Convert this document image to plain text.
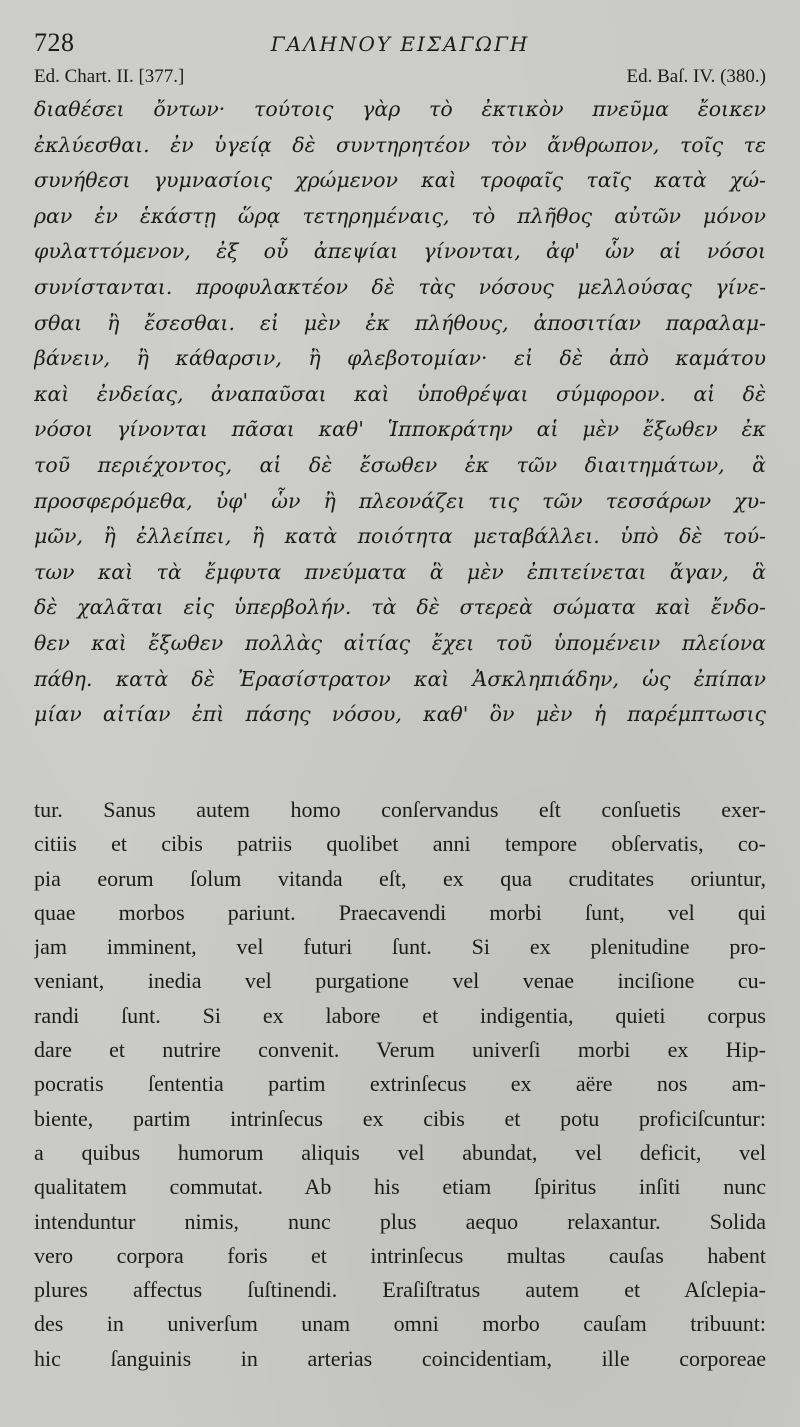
728	ΓΑΛΗΝΟΥ ΕΙΣΑΓΩΓΗ
Ed. Chart. II. [377.]	Ed. Baſ. IV. (380.)
διαθέσει ὄντων· τούτοις γὰρ τὸ ἐκτικὸν πνεῦμα ἔοικεν
ἐκλύεσθαι. ἐν ὑγείᾳ δὲ συντηρητέον τὸν ἄνθρωπον, τοῖς τε
συνήθεσι γυμνασίοις χρώμενον καὶ τροφαῖς ταῖς κατὰ χώ-
ραν ἐν ἑκάστῃ ὥρᾳ τετηρημέναις, τὸ πλῆθος αὐτῶν μόνον
φυλαττόμενον, ἐξ οὗ ἀπεψίαι γίνονται, ἀφ' ὧν αἱ νόσοι
συνίστανται. προφυλακτέον δὲ τὰς νόσους μελλούσας γίνε-
σθαι ἢ ἔσεσθαι. εἰ μὲν ἐκ πλήθους, ἀποσιτίαν παραλαμ-
βάνειν, ἢ κάθαρσιν, ἢ φλεβοτομίαν· εἰ δὲ ἀπὸ καμάτου
καὶ ἐνδείας, ἀναπαῦσαι καὶ ὑποθρέψαι σύμφορον. αἱ δὲ
νόσοι γίνονται πᾶσαι καθ' Ἱπποκράτην αἱ μὲν ἔξωθεν ἐκ
τοῦ περιέχοντος, αἱ δὲ ἔσωθεν ἐκ τῶν διαιτημάτων, ἃ
προσφερόμεθα, ὑφ' ὧν ἢ πλεονάζει τις τῶν τεσσάρων χυ-
μῶν, ἢ ἐλλείπει, ἢ κατὰ ποιότητα μεταβάλλει. ὑπὸ δὲ τού-
των καὶ τὰ ἔμφυτα πνεύματα ἃ μὲν ἐπιτείνεται ἄγαν, ἃ
δὲ χαλᾶται εἰς ὑπερβολήν. τὰ δὲ στερεὰ σώματα καὶ ἔνδο-
θεν καὶ ἔξωθεν πολλὰς αἰτίας ἔχει τοῦ ὑπομένειν πλείονα
πάθη. κατὰ δὲ Ἐρασίστρατον καὶ Ἀσκληπιάδην, ὡς ἐπίπαν
μίαν αἰτίαν ἐπὶ πάσης νόσου, καθ' ὃν μὲν ἡ παρέμπτωσις
tur. Sanus autem homo conſervandus eſt conſuetis exer-
citiis et cibis patriis quolibet anni tempore obſervatis, co-
pia eorum ſolum vitanda eſt, ex qua cruditates oriuntur,
quae morbos pariunt. Praecavendi morbi ſunt, vel qui
jam imminent, vel futuri ſunt. Si ex plenitudine pro-
veniant, inedia vel purgatione vel venae inciſione cu-
randi ſunt. Si ex labore et indigentia, quieti corpus
dare et nutrire convenit. Verum univerſi morbi ex Hip-
pocratis ſententia partim extrinſecus ex aëre nos am-
biente, partim intrinſecus ex cibis et potu proficiſcuntur:
a quibus humorum aliquis vel abundat, vel deficit, vel
qualitatem commutat. Ab his etiam ſpiritus inſiti nunc
intenduntur nimis, nunc plus aequo relaxantur. Solida
vero corpora foris et intrinſecus multas cauſas habent
plures affectus ſuſtinendi. Eraſiſtratus autem et Aſclepia-
des in univerſum unam omni morbo cauſam tribuunt:
hic ſanguinis in arterias coincidentiam, ille corporeae
